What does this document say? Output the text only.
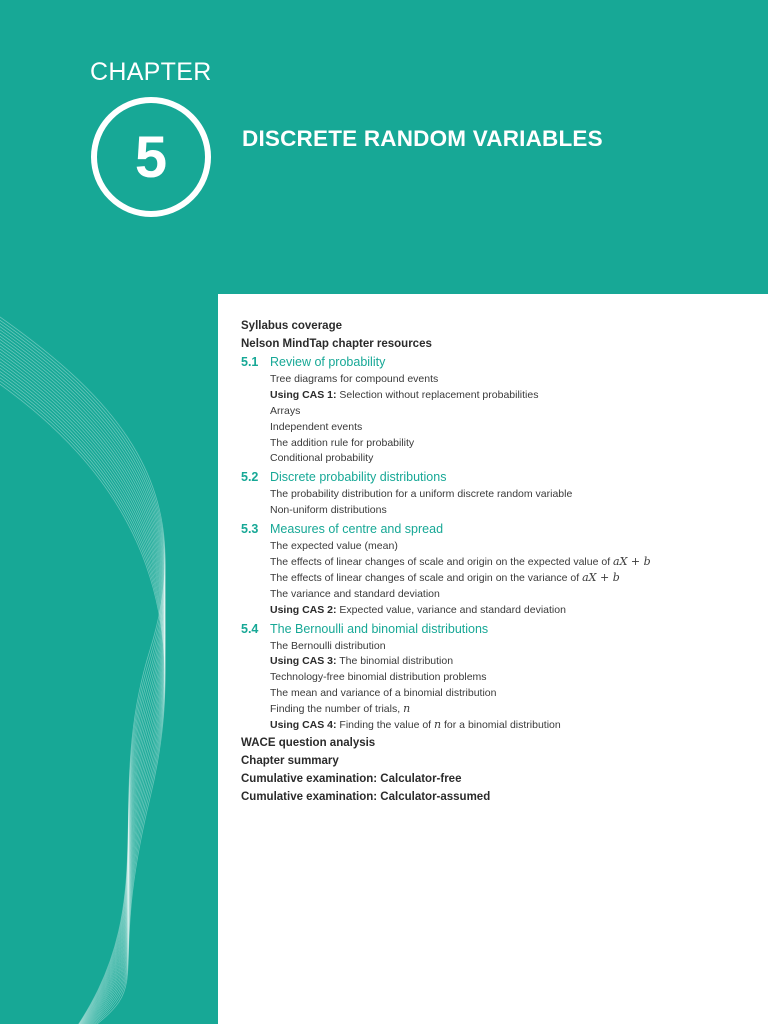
CHAPTER
5	DISCRETE RANDOM VARIABLES
Syllabus coverage
Nelson MindTap chapter resources
5.1 Review of probability
Tree diagrams for compound events
Using CAS 1: Selection without replacement probabilities
Arrays
Independent events
The addition rule for probability
Conditional probability
5.2 Discrete probability distributions
The probability distribution for a uniform discrete random variable
Non-uniform distributions
5.3 Measures of centre and spread
The expected value (mean)
The effects of linear changes of scale and origin on the expected value of aX + b
The effects of linear changes of scale and origin on the variance of aX + b
The variance and standard deviation
Using CAS 2: Expected value, variance and standard deviation
5.4 The Bernoulli and binomial distributions
The Bernoulli distribution
Using CAS 3: The binomial distribution
Technology-free binomial distribution problems
The mean and variance of a binomial distribution
Finding the number of trials, n
Using CAS 4: Finding the value of n for a binomial distribution
WACE question analysis
Chapter summary
Cumulative examination: Calculator-free
Cumulative examination: Calculator-assumed
